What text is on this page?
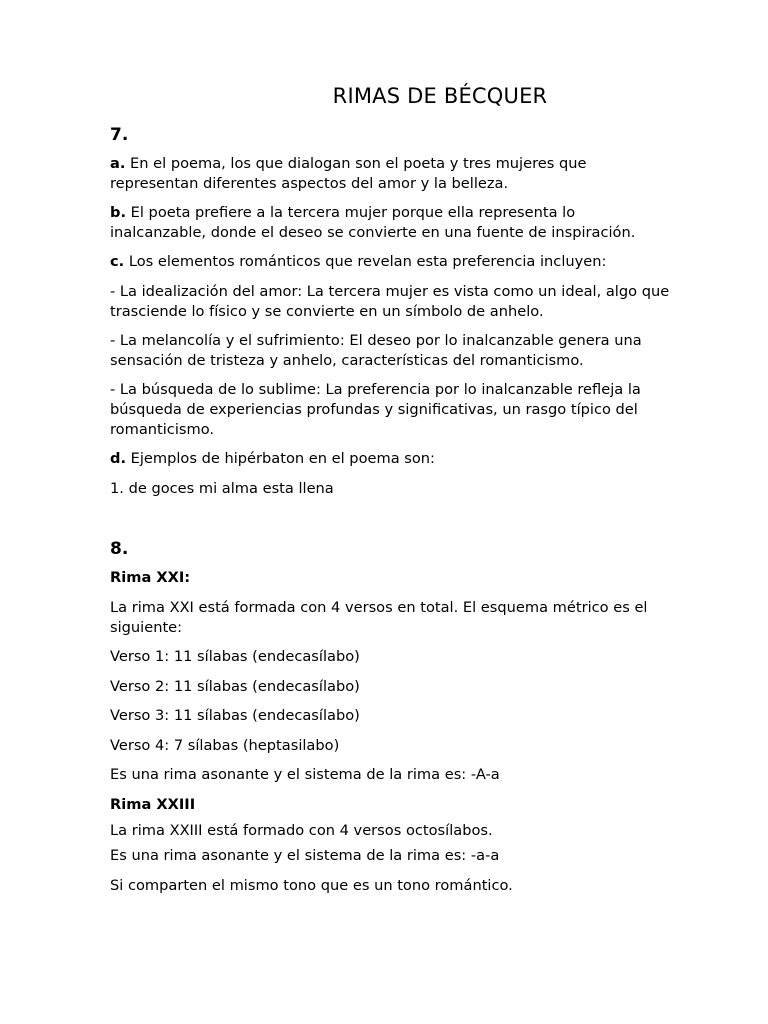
RIMAS DE BÉCQUER
7.

a. En el poema, los que dialogan son el poeta y tres mujeres que representan diferentes aspectos del amor y la belleza.

b. El poeta prefiere a la tercera mujer porque ella representa lo inalcanzable, donde el deseo se convierte en una fuente de inspiración.

c. Los elementos románticos que revelan esta preferencia incluyen:

- La idealización del amor: La tercera mujer es vista como un ideal, algo que trasciende lo físico y se convierte en un símbolo de anhelo.

- La melancolía y el sufrimiento: El deseo por lo inalcanzable genera una sensación de tristeza y anhelo, características del romanticismo.

- La búsqueda de lo sublime: La preferencia por lo inalcanzable refleja la búsqueda de experiencias profundas y significativas, un rasgo típico del romanticismo.

d. Ejemplos de hipérbaton en el poema son:

1. de goces mi alma esta llena

8.

Rima XXI:

La rima XXI está formada con 4 versos en total. El esquema métrico es el siguiente:

Verso 1: 11 sílabas (endecasílabo)

Verso 2: 11 sílabas (endecasílabo)

Verso 3: 11 sílabas (endecasílabo)

Verso 4: 7 sílabas (heptasilabo)

Es una rima asonante y el sistema de la rima es: -A-a

Rima XXIII

La rima XXIII está formado con 4 versos octosílabos.

Es una rima asonante y el sistema de la rima es: -a-a

Si comparten el mismo tono que es un tono romántico.
